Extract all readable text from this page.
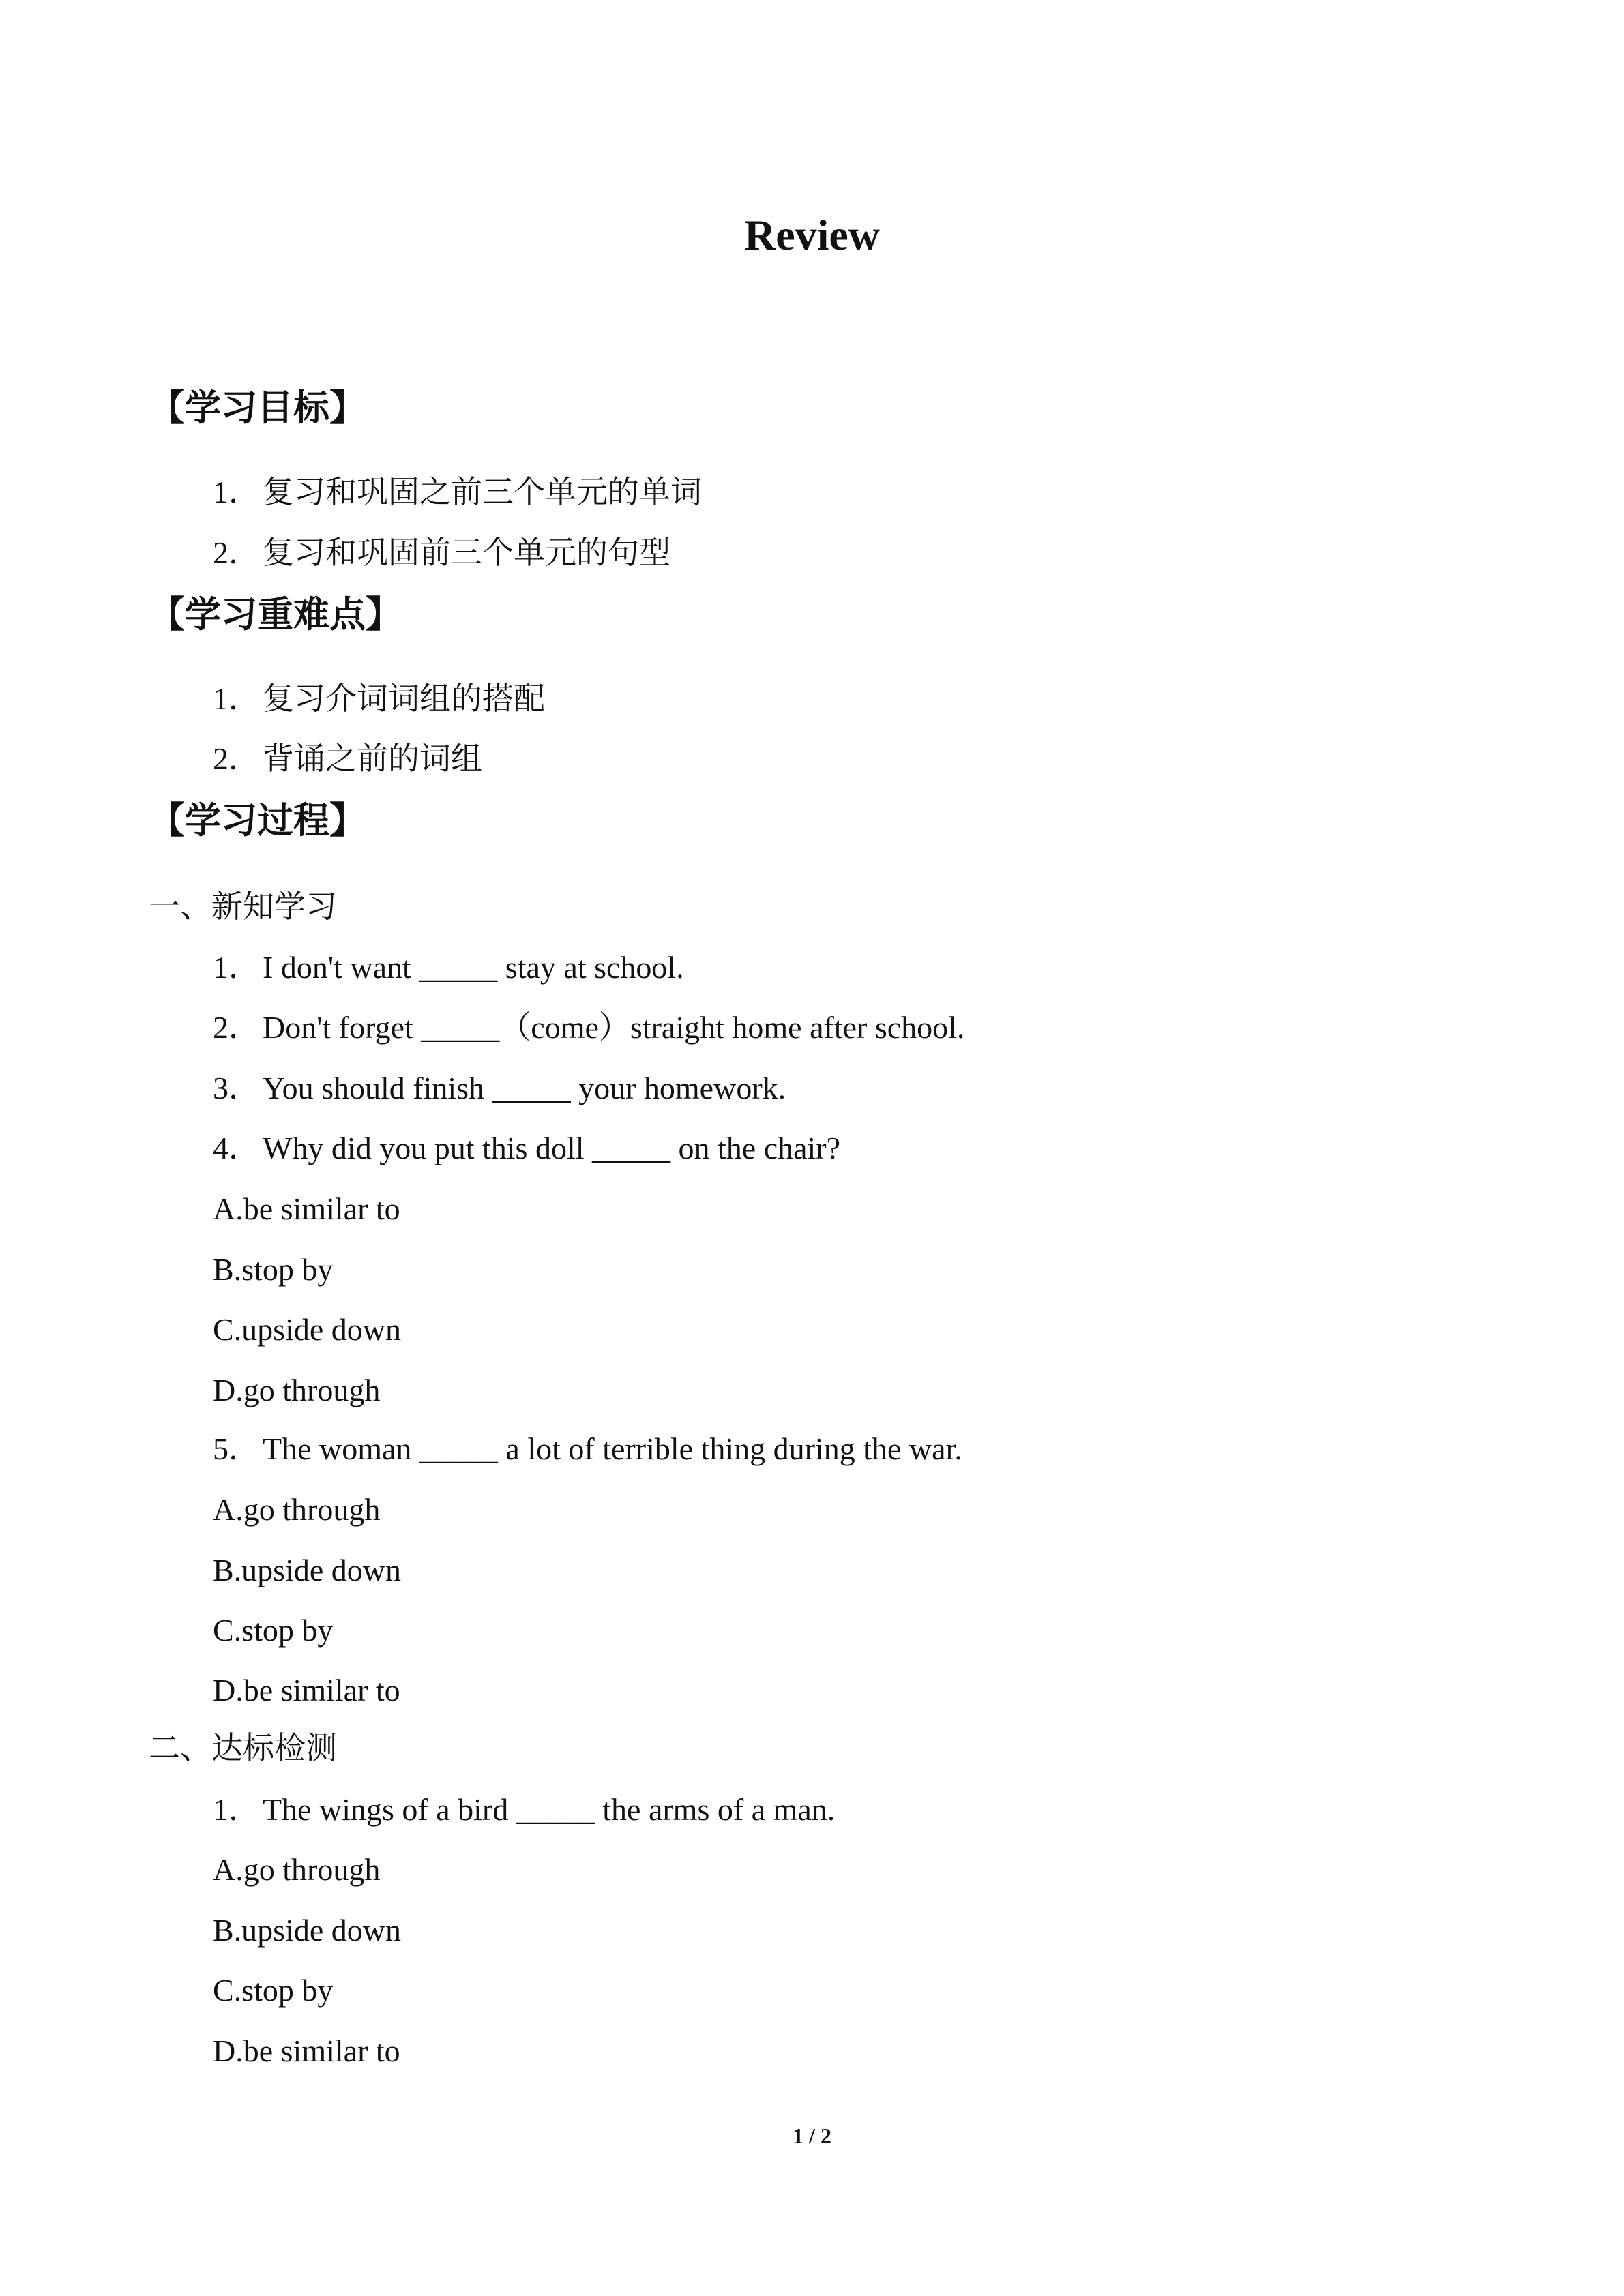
Review
【学习目标】
1．复习和巩固之前三个单元的单词
2．复习和巩固前三个单元的句型
【学习重难点】
1．复习介词词组的搭配
2．背诵之前的词组
【学习过程】
一、新知学习
1．I don't want _____ stay at school.
2．Don't forget _____（come）straight home after school.
3．You should finish _____ your homework.
4．Why did you put this doll _____ on the chair?
A.be similar to
B.stop by
C.upside down
D.go through
5．The woman _____ a lot of terrible thing during the war.
A.go through
B.upside down
C.stop by
D.be similar to
二、达标检测
1．The wings of a bird _____ the arms of a man.
A.go through
B.upside down
C.stop by
D.be similar to
1 / 2
